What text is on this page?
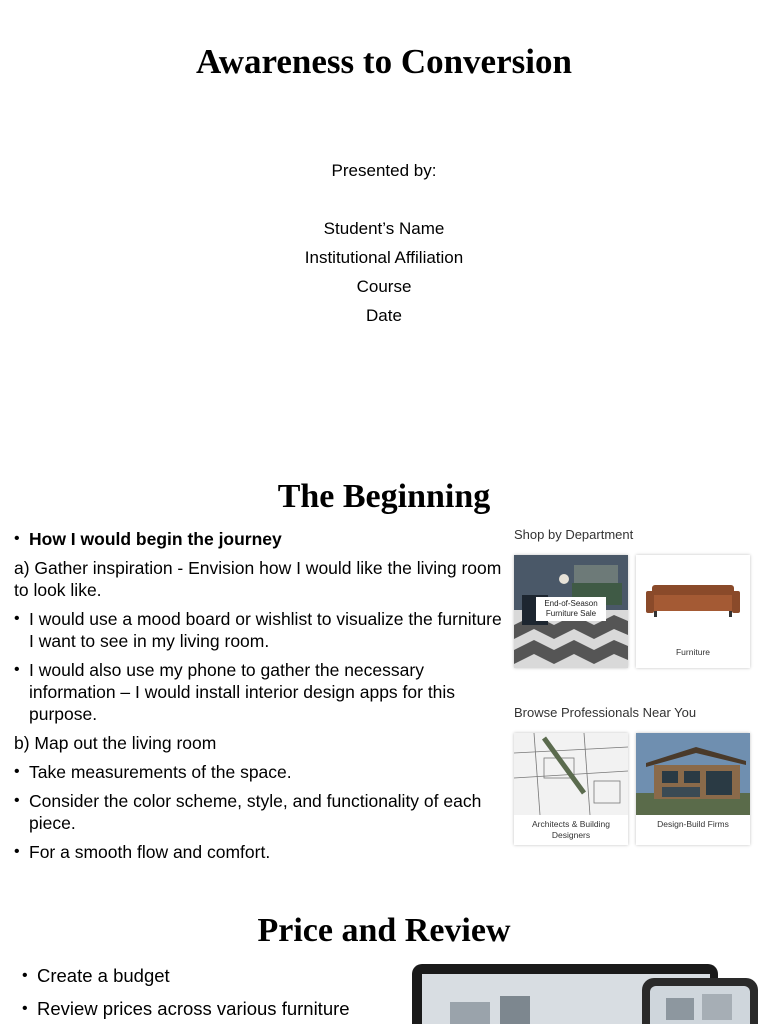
Awareness to Conversion
Presented by:
Student’s Name
Institutional Affiliation
Course
Date
The Beginning
• How I would begin the journey
a) Gather inspiration - Envision how I would like the living room to look like.
• I would use a mood board or wishlist to visualize the furniture I want to see in my living room.
• I would also use my phone to gather the necessary information – I would install interior design apps for this purpose.
b) Map out the living room
• Take measurements of the space.
• Consider the color scheme, style, and functionality of each piece.
• For a smooth flow and comfort.
Shop by Department
End-of-Season Furniture Sale
Furniture
Browse Professionals Near You
Architects & Building Designers
Design-Build Firms
Price and Review
• Create a budget
• Review prices across various furniture
